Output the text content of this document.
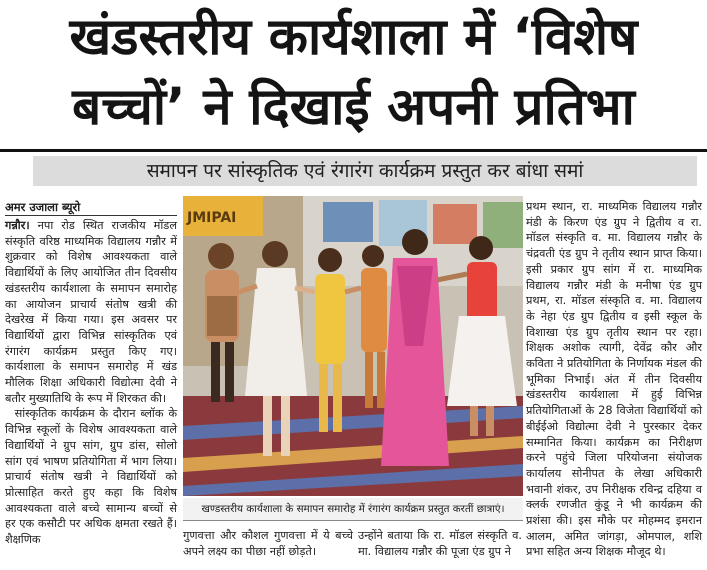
खंडस्तरीय कार्यशाला में ‘विशेष
बच्चों’ ने दिखाई अपनी प्रतिभा
समापन पर सांस्कृतिक एवं रंगारंग कार्यक्रम प्रस्तुत कर बांधा समां
अमर उजाला ब्यूरो

गन्नौर। नपा रोड स्थित राजकीय मॉडल संस्कृति वरिष्ठ माध्यमिक विद्यालय गन्नौर में शुक्रवार को विशेष आवश्यकता वाले विद्यार्थियों के लिए आयोजित तीन दिवसीय खंडस्तरीय कार्यशाला के समापन समारोह का आयोजन प्राचार्य संतोष खत्री की देखरेख में किया गया। इस अवसर पर विद्यार्थियों द्वारा विभिन्न सांस्कृतिक एवं रंगारंग कार्यक्रम प्रस्तुत किए गए। कार्यशाला के समापन समारोह में खंड मौलिक शिक्षा अधिकारी विद्योत्मा देवी ने बतौर मुख्यातिथि के रूप में शिरकत की।

सांस्कृतिक कार्यक्रम के दौरान ब्लॉक के विभिन्न स्कूलों के विशेष आवश्यकता वाले विद्यार्थियों ने ग्रुप सांग, ग्रुप डांस, सोलो सांग एवं भाषण प्रतियोगिता में भाग लिया। प्राचार्य संतोष खत्री ने विद्यार्थियों को प्रोत्साहित करते हुए कहा कि विशेष आवश्यकता वाले बच्चे सामान्य बच्चों से हर एक कसौटी पर अधिक क्षमता रखते हैं। शैक्षणिक

JMIPAI
खण्डस्तरीय कार्यशाला के समापन समारोह में रंगारंग कार्यक्रम प्रस्तुत करतीं छात्राएं।
गुणवत्ता और कौशल गुणवत्ता में ये बच्चे अपने लक्ष्य का पीछा नहीं छोड़ते।
उन्होंने बताया कि रा. मॉडल संस्कृति व. मा. विद्यालय गन्नौर की पूजा एंड ग्रुप ने

प्रथम स्थान, रा. माध्यमिक विद्यालय गन्नौर मंडी के किरण एंड ग्रुप ने द्वितीय व रा. मॉडल संस्कृति व. मा. विद्यालय गन्नौर के चंद्रवती एंड ग्रुप ने तृतीय स्थान प्राप्त किया। इसी प्रकार ग्रुप सांग में रा. माध्यमिक विद्यालय गन्नौर मंडी के मनीषा एंड ग्रुप प्रथम, रा. मॉडल संस्कृति व. मा. विद्यालय के नेहा एंड ग्रुप द्वितीय व इसी स्कूल के विशाखा एंड ग्रुप तृतीय स्थान पर रहा। शिक्षक अशोक त्यागी, देवेंद्र कौर और कविता ने प्रतियोगिता के निर्णायक मंडल की भूमिका निभाई। अंत में तीन दिवसीय खंडस्तरीय कार्यशाला में हुई विभिन्न प्रतियोगिताओं के 28 विजेता विद्यार्थियों को बीईईओ विद्योत्मा देवी ने पुरस्कार देकर सम्मानित किया। कार्यक्रम का निरीक्षण करने पहुंचे जिला परियोजना संयोजक कार्यालय सोनीपत के लेखा अधिकारी भवानी शंकर, उप निरीक्षक रविन्द्र दहिया व क्लर्क रणजीत कुंडू ने भी कार्यक्रम की प्रशंसा की। इस मौके पर मोहम्मद इमरान आलम, अमित जांगड़ा, ओमपाल, शशि प्रभा सहित अन्य शिक्षक मौजूद थे।
